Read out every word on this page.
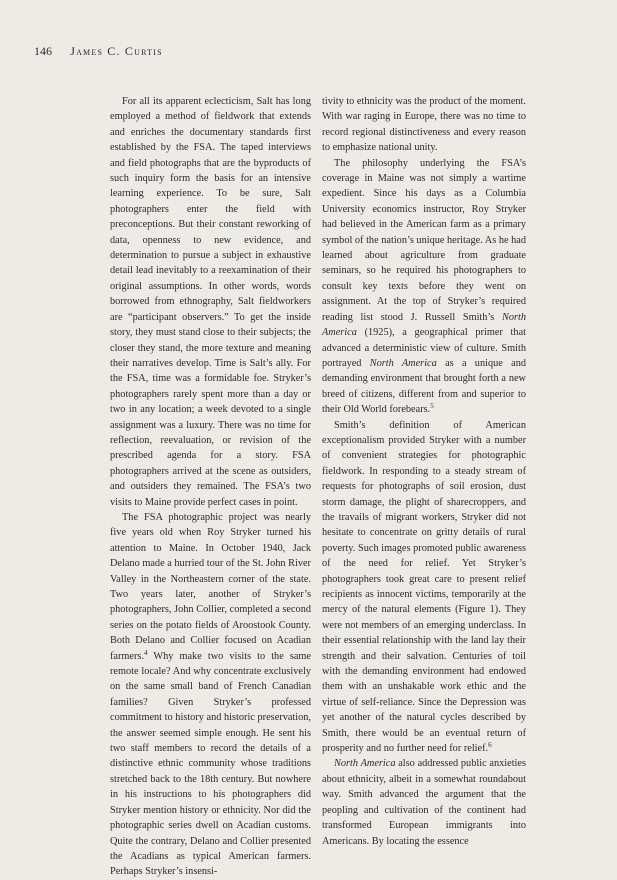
146 James C. Curtis

For all its apparent eclecticism, Salt has long employed a method of fieldwork that extends and enriches the documentary standards first established by the FSA. The taped interviews and field photographs that are the byproducts of such inquiry form the basis for an intensive learning experience. To be sure, Salt photographers enter the field with preconceptions. But their constant reworking of data, openness to new evidence, and determination to pursue a subject in exhaustive detail lead inevitably to a reexamination of their original assumptions. In other words, words borrowed from ethnography, Salt fieldworkers are “participant observers.” To get the inside story, they must stand close to their subjects; the closer they stand, the more texture and meaning their narratives develop. Time is Salt’s ally. For the FSA, time was a formidable foe. Stryker’s photographers rarely spent more than a day or two in any location; a week devoted to a single assignment was a luxury. There was no time for reflection, reevaluation, or revision of the prescribed agenda for a story. FSA photographers arrived at the scene as outsiders, and outsiders they remained. The FSA’s two visits to Maine provide perfect cases in point.

The FSA photographic project was nearly five years old when Roy Stryker turned his attention to Maine. In October 1940, Jack Delano made a hurried tour of the St. John River Valley in the Northeastern corner of the state. Two years later, another of Stryker’s photographers, John Collier, completed a second series on the potato fields of Aroostook County. Both Delano and Collier focused on Acadian farmers.$^4$ Why make two visits to the same remote locale? And why concentrate exclusively on the same small band of French Canadian families? Given Stryker’s professed commitment to history and historic preservation, the answer seemed simple enough. He sent his two staff members to record the details of a distinctive ethnic community whose traditions stretched back to the 18th century. But nowhere in his instructions to his photographers did Stryker mention history or ethnicity. Nor did the photographic series dwell on Acadian customs. Quite the contrary, Delano and Collier presented the Acadians as typical American farmers. Perhaps Stryker’s insensi-

tivity to ethnicity was the product of the moment. With war raging in Europe, there was no time to record regional distinctiveness and every reason to emphasize national unity.

The philosophy underlying the FSA’s coverage in Maine was not simply a wartime expedient. Since his days as a Columbia University economics instructor, Roy Stryker had believed in the American farm as a primary symbol of the nation’s unique heritage. As he had learned about agriculture from graduate seminars, so he required his photographers to consult key texts before they went on assignment. At the top of Stryker’s required reading list stood J. Russell Smith’s North America (1925), a geographical primer that advanced a deterministic view of culture. Smith portrayed North America as a unique and demanding environment that brought forth a new breed of citizens, different from and superior to their Old World forebears.$^5$

Smith’s definition of American exceptionalism provided Stryker with a number of convenient strategies for photographic fieldwork. In responding to a steady stream of requests for photographs of soil erosion, dust storm damage, the plight of sharecroppers, and the travails of migrant workers, Stryker did not hesitate to concentrate on gritty details of rural poverty. Such images promoted public awareness of the need for relief. Yet Stryker’s photographers took great care to present relief recipients as innocent victims, temporarily at the mercy of the natural elements (Figure 1). They were not members of an emerging underclass. In their essential relationship with the land lay their strength and their salvation. Centuries of toil with the demanding environment had endowed them with an unshakable work ethic and the virtue of self-reliance. Since the Depression was yet another of the natural cycles described by Smith, there would be an eventual return of prosperity and no further need for relief.$^6$

North America also addressed public anxieties about ethnicity, albeit in a somewhat roundabout way. Smith advanced the argument that the peopling and cultivation of the continent had transformed European immigrants into Americans. By locating the essence
